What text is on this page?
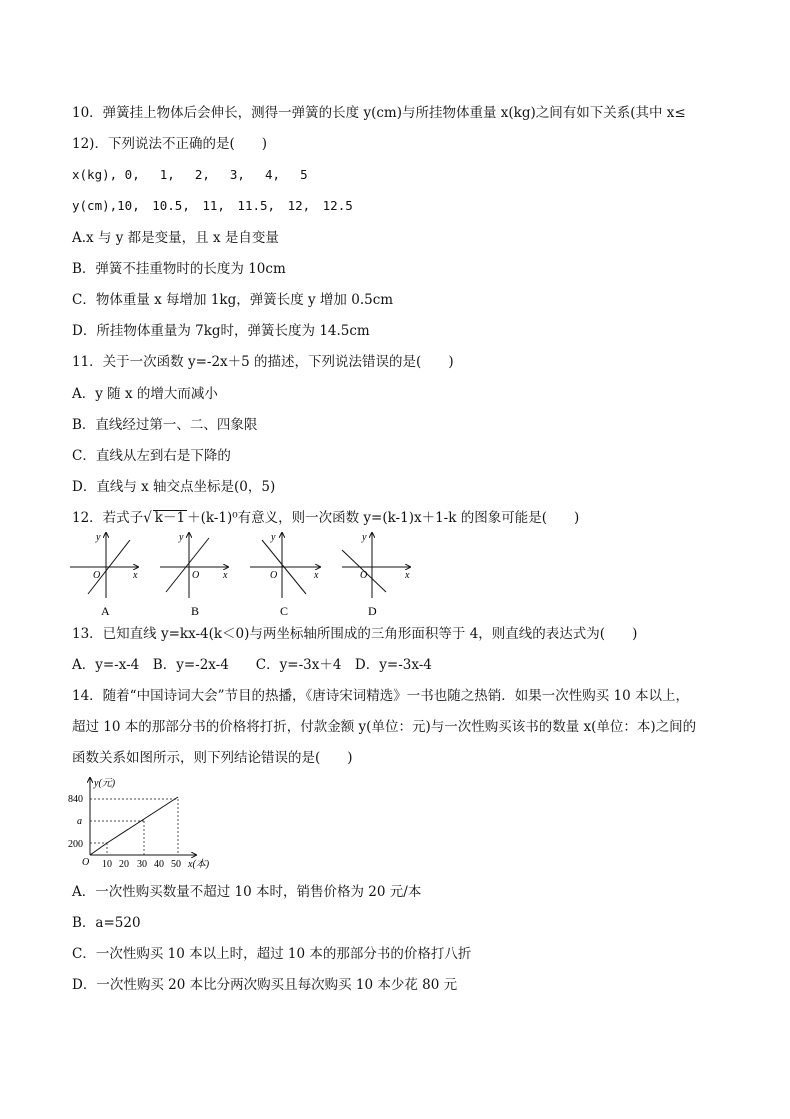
10．弹簧挂上物体后会伸长，测得一弹簧的长度 y(cm)与所挂物体重量 x(kg)之间有如下关系(其中 x≤
12)．下列说法不正确的是(　　)
x(kg), 0,　 1,　 2,　 3,　 4,　 5
y(cm),10,　10.5,　11,　11.5,　12,　12.5
A.x 与 y 都是变量，且 x 是自变量
B．弹簧不挂重物时的长度为 10cm
C．物体重量 x 每增加 1kg，弹簧长度 y 增加 0.5cm
D．所挂物体重量为 7kg时，弹簧长度为 14.5cm
11．关于一次函数 y=-2x＋5 的描述，下列说法错误的是(　　)
A．y 随 x 的增大而减小
B．直线经过第一、二、四象限
C．直线从左到右是下降的
D．直线与 x 轴交点坐标是(0，5)
12．若式子√ k－1 ＋(k-1)⁰有意义，则一次函数 y=(k-1)x＋1-k 的图象可能是(　　)
y
O	x
A
y
O x
B
y
O	x
C
y
O	x
D
13．已知直线 y=kx-4(k＜0)与两坐标轴所围成的三角形面积等于 4，则直线的表达式为(　　)
A．y=-x-4　B．y=-2x-4　　C．y=-3x＋4　D．y=-3x-4
14．随着“中国诗词大会”节目的热播，《唐诗宋词精选》一书也随之热销．如果一次性购买 10 本以上，
超过 10 本的那部分书的价格将打折，付款金额 y(单位：元)与一次性购买该书的数量 x(单位：本)之间的
函数关系如图所示，则下列结论错误的是(　　)
y(元)
840
a
200
O 10 20 30 40 50 x(本)
A．一次性购买数量不超过 10 本时，销售价格为 20 元/本
B．a=520
C．一次性购买 10 本以上时，超过 10 本的那部分书的价格打八折
D．一次性购买 20 本比分两次购买且每次购买 10 本少花 80 元
